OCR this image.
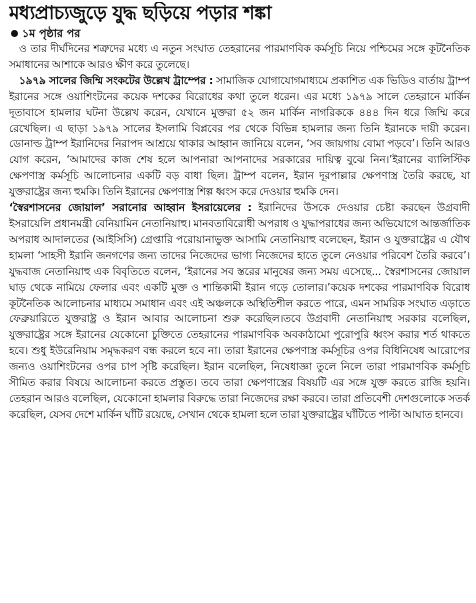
মধ্যপ্রাচ্যজুড়ে যুদ্ধ ছড়িয়ে পড়ার শঙ্কা
১ম পৃষ্ঠার পর

ও তার দীর্ঘদিনের শত্রুদের মধ্যে এ নতুন সংঘাত তেহরানের পারমাণবিক কর্মসূচি নিয়ে পশ্চিমের সঙ্গে কূটনৈতিক সমাধানের আশাকে আরও ক্ষীণ করে তুলেছে।

১৯৭৯ সালের জিম্মি সংকটের উল্লেখ ট্রাম্পের : সামাজিক যোগাযোগমাধ্যমে প্রকাশিত এক ভিডিও বার্তায় ট্রাম্প ইরানের সঙ্গে ওয়াশিংটনের কয়েক দশকের বিরোধের কথা তুলে ধরেন। এর মধ্যে ১৯৭৯ সালে তেহরানে মার্কিন দূতাবাসে হামলার ঘটনা উল্লেখ করেন, যেখানে মুক্তরা ৫২ জন মার্কিন নাগরিককে ৪৪৪ দিন ধরে জিম্মি করে রেখেছিল। এ ছাড়া ১৯৭৯ সালের ইসলামি বিপ্লবের পর থেকে বিভিন্ন হামলার জন্য তিনি ইরানকে দায়ী করেন। ডোনাল্ড ট্রাম্প ইরানিদের নিরাপদ আশ্রয়ে থাকার আহ্বান জানিয়ে বলেন, ‘সব জায়গায় বোমা পড়বে’। তিনি আরও যোগ করেন, ‘আমাদের কাজ শেষ হলে আপনারা আপনাদের সরকারের দায়িত্ব বুঝে নিন।’ইরানের ব্যালিস্টিক ক্ষেপণাস্ত্র কর্মসূচি আলোচনার একটি বড় বাধা ছিল। ট্রাম্প বলেন, ইরান দূরপাল্লার ক্ষেপণাস্ত্র তৈরি করছে, যা যুক্তরাষ্ট্রের জন্য হুমকি। তিনি ইরানের ক্ষেপণাস্ত্র শিল্প ধ্বংস করে দেওয়ার হুমকি দেন।

‘স্বৈরশাসনের জোয়াল’ সরানোর আহ্বান ইসরায়েলের : ইরানিদের উসকে দেওয়ার চেষ্টা করছেন উগ্রবাদী ইসরায়েলি প্রধানমন্ত্রী বেনিয়ামিন নেতানিয়াহু। মানবতাবিরোধী অপরাধ ও যুদ্ধাপরাধের জন্য অভিযোগে আন্তর্জাতিক অপরাধ আদালতের (আইসিসি) গ্রেপ্তারি পরোয়ানাভুক্ত আসামি নেতানিয়াহু বলেছেন, ইরান ও যুক্তরাষ্ট্রের এ যৌথ হামলা ‘সাহসী ইরানি জনগণের জন্য তাদের নিজেদের ভাগ্য নিজেদের হাতে তুলে নেওয়ার পরিবেশ তৈরি করবে’। যুদ্ধবাজ নেতানিয়াহু এক বিবৃতিতে বলেন, ‘ইরানের সব স্তরের মানুষের জন্য সময় এসেছে... স্বৈরশাসনের জোয়াল ঘাড় থেকে নামিয়ে ফেলার এবং একটি মুক্ত ও শান্তিকামী ইরান গড়ে তোলার।’কয়েক দশকের পারমাণবিক বিরোধ কূটনৈতিক আলোচনার মাধ্যমে সমাধান এবং এই অঞ্চলকে অস্থিতিশীল করতে পারে, এমন সামরিক সংঘাত এড়াতে ফেব্রুয়ারিতে যুক্তরাষ্ট্র ও ইরান আবার আলোচনা শুরু করেছিল।তবে উগ্রবাদী নেতানিয়াহু সরকার বলেছিল, যুক্তরাষ্ট্রের সঙ্গে ইরানের যেকোনো চুক্তিতে তেহরানের পারমাণবিক অবকাঠামো পুরোপুরি ধ্বংস করার শর্ত থাকতে হবে। শুধু ইউরেনিয়াম সমৃদ্ধকরণ বন্ধ করলে হবে না। তারা ইরানের ক্ষেপণাস্ত্র কর্মসূচির ওপর বিধিনিষেধ আরোপের জন্যও ওয়াশিংটনের ওপর চাপ সৃষ্টি করেছিল। ইরান বলেছিল, নিষেধাজ্ঞা তুলে নিলে তারা পারমাণবিক কর্মসূচি সীমিত করার বিষয়ে আলোচনা করতে প্রস্তুত। তবে তারা ক্ষেপণাস্ত্রের বিষয়টি এর সঙ্গে যুক্ত করতে রাজি হয়নি। তেহরান আরও বলেছিল, যেকোনো হামলার বিরুদ্ধে তারা নিজেদের রক্ষা করবে। তারা প্রতিবেশী দেশগুলোকে সতর্ক করেছিল, যেসব দেশে মার্কিন ঘাঁটি রয়েছে, সেখান থেকে হামলা হলে তারা যুক্তরাষ্ট্রের ঘাঁটিতে পাল্টা আঘাত হানবে।
